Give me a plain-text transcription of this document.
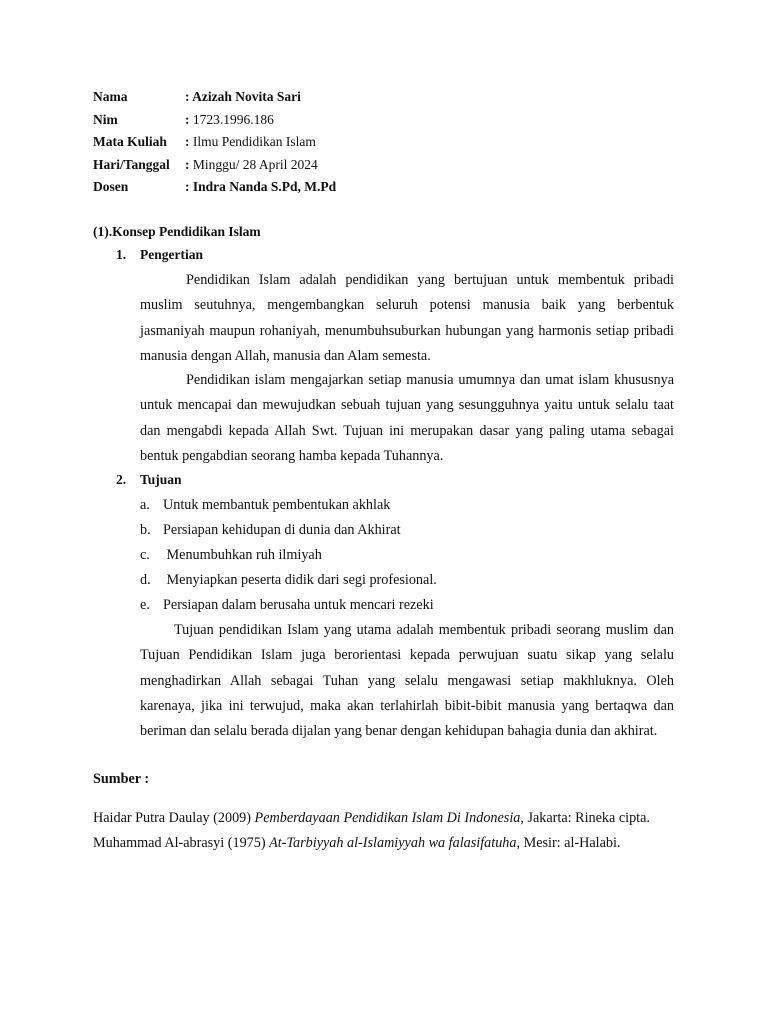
Nama	: Azizah Novita Sari
Nim	: 1723.1996.186
Mata Kuliah	: Ilmu Pendidikan Islam
Hari/Tanggal	: Minggu/ 28 April 2024
Dosen	: Indra Nanda S.Pd, M.Pd
(1).Konsep Pendidikan Islam
1. Pengertian

Pendidikan Islam adalah pendidikan yang bertujuan untuk membentuk pribadi muslim seutuhnya, mengembangkan seluruh potensi manusia baik yang berbentuk jasmaniyah maupun rohaniyah, menumbuhsuburkan hubungan yang harmonis setiap pribadi manusia dengan Allah, manusia dan Alam semesta.

Pendidikan islam mengajarkan setiap manusia umumnya dan umat islam khususnya untuk mencapai dan mewujudkan sebuah tujuan yang sesungguhnya yaitu untuk selalu taat dan mengabdi kepada Allah Swt. Tujuan ini merupakan dasar yang paling utama sebagai bentuk pengabdian seorang hamba kepada Tuhannya.

2. Tujuan
a. Untuk membantuk pembentukan akhlak
b. Persiapan kehidupan di dunia dan Akhirat
c. Menumbuhkan ruh ilmiyah
d. Menyiapkan peserta didik dari segi profesional.
e. Persiapan dalam berusaha untuk mencari rezeki

Tujuan pendidikan Islam yang utama adalah membentuk pribadi seorang muslim dan Tujuan Pendidikan Islam juga berorientasi kepada perwujuan suatu sikap yang selalu menghadirkan Allah sebagai Tuhan yang selalu mengawasi setiap makhluknya. Oleh karenaya, jika ini terwujud, maka akan terlahirlah bibit-bibit manusia yang bertaqwa dan beriman dan selalu berada dijalan yang benar dengan kehidupan bahagia dunia dan akhirat.

Sumber :

Haidar Putra Daulay (2009) Pemberdayaan Pendidikan Islam Di Indonesia, Jakarta: Rineka cipta.

Muhammad Al-abrasyi (1975) At-Tarbiyyah al-Islamiyyah wa falasifatuha, Mesir: al-Halabi.
